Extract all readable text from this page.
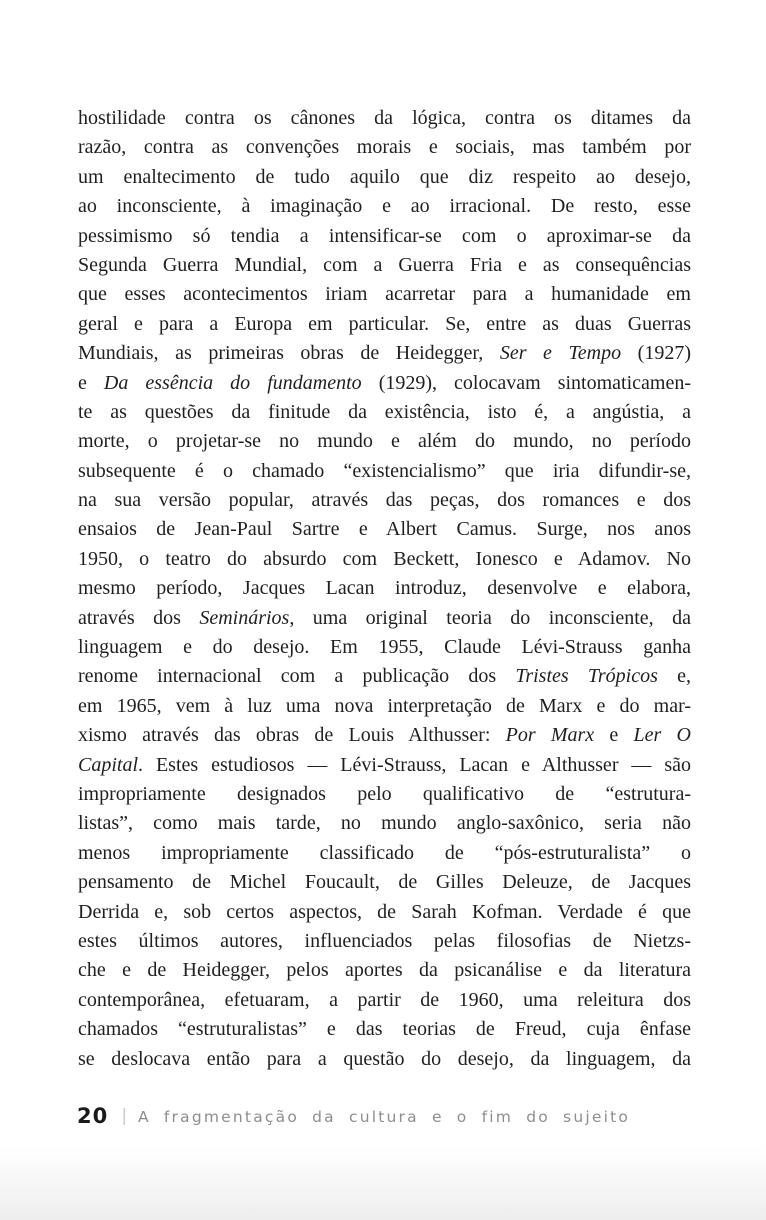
hostilidade contra os cânones da lógica, contra os ditames da
razão, contra as convenções morais e sociais, mas também por
um enaltecimento de tudo aquilo que diz respeito ao desejo,
ao inconsciente, à imaginação e ao irracional. De resto, esse
pessimismo só tendia a intensificar-se com o aproximar-se da
Segunda Guerra Mundial, com a Guerra Fria e as consequências
que esses acontecimentos iriam acarretar para a humanidade em
geral e para a Europa em particular. Se, entre as duas Guerras
Mundiais, as primeiras obras de Heidegger, Ser e Tempo (1927)
e Da essência do fundamento (1929), colocavam sintomaticamen-
te as questões da finitude da existência, isto é, a angústia, a
morte, o projetar-se no mundo e além do mundo, no período
subsequente é o chamado “existencialismo” que iria difundir-se,
na sua versão popular, através das peças, dos romances e dos
ensaios de Jean-Paul Sartre e Albert Camus. Surge, nos anos
1950, o teatro do absurdo com Beckett, Ionesco e Adamov. No
mesmo período, Jacques Lacan introduz, desenvolve e elabora,
através dos Seminários, uma original teoria do inconsciente, da
linguagem e do desejo. Em 1955, Claude Lévi-Strauss ganha
renome internacional com a publicação dos Tristes Trópicos e,
em 1965, vem à luz uma nova interpretação de Marx e do mar-
xismo através das obras de Louis Althusser: Por Marx e Ler O
Capital. Estes estudiosos — Lévi-Strauss, Lacan e Althusser — são
impropriamente designados pelo qualificativo de “estrutura-
listas”, como mais tarde, no mundo anglo-saxônico, seria não
menos impropriamente classificado de “pós-estruturalista” o
pensamento de Michel Foucault, de Gilles Deleuze, de Jacques
Derrida e, sob certos aspectos, de Sarah Kofman. Verdade é que
estes últimos autores, influenciados pelas filosofias de Nietzs-
che e de Heidegger, pelos aportes da psicanálise e da literatura
contemporânea, efetuaram, a partir de 1960, uma releitura dos
chamados “estruturalistas” e das teorias de Freud, cuja ênfase
se deslocava então para a questão do desejo, da linguagem, da
20 | A fragmentação da cultura e o fim do sujeito
